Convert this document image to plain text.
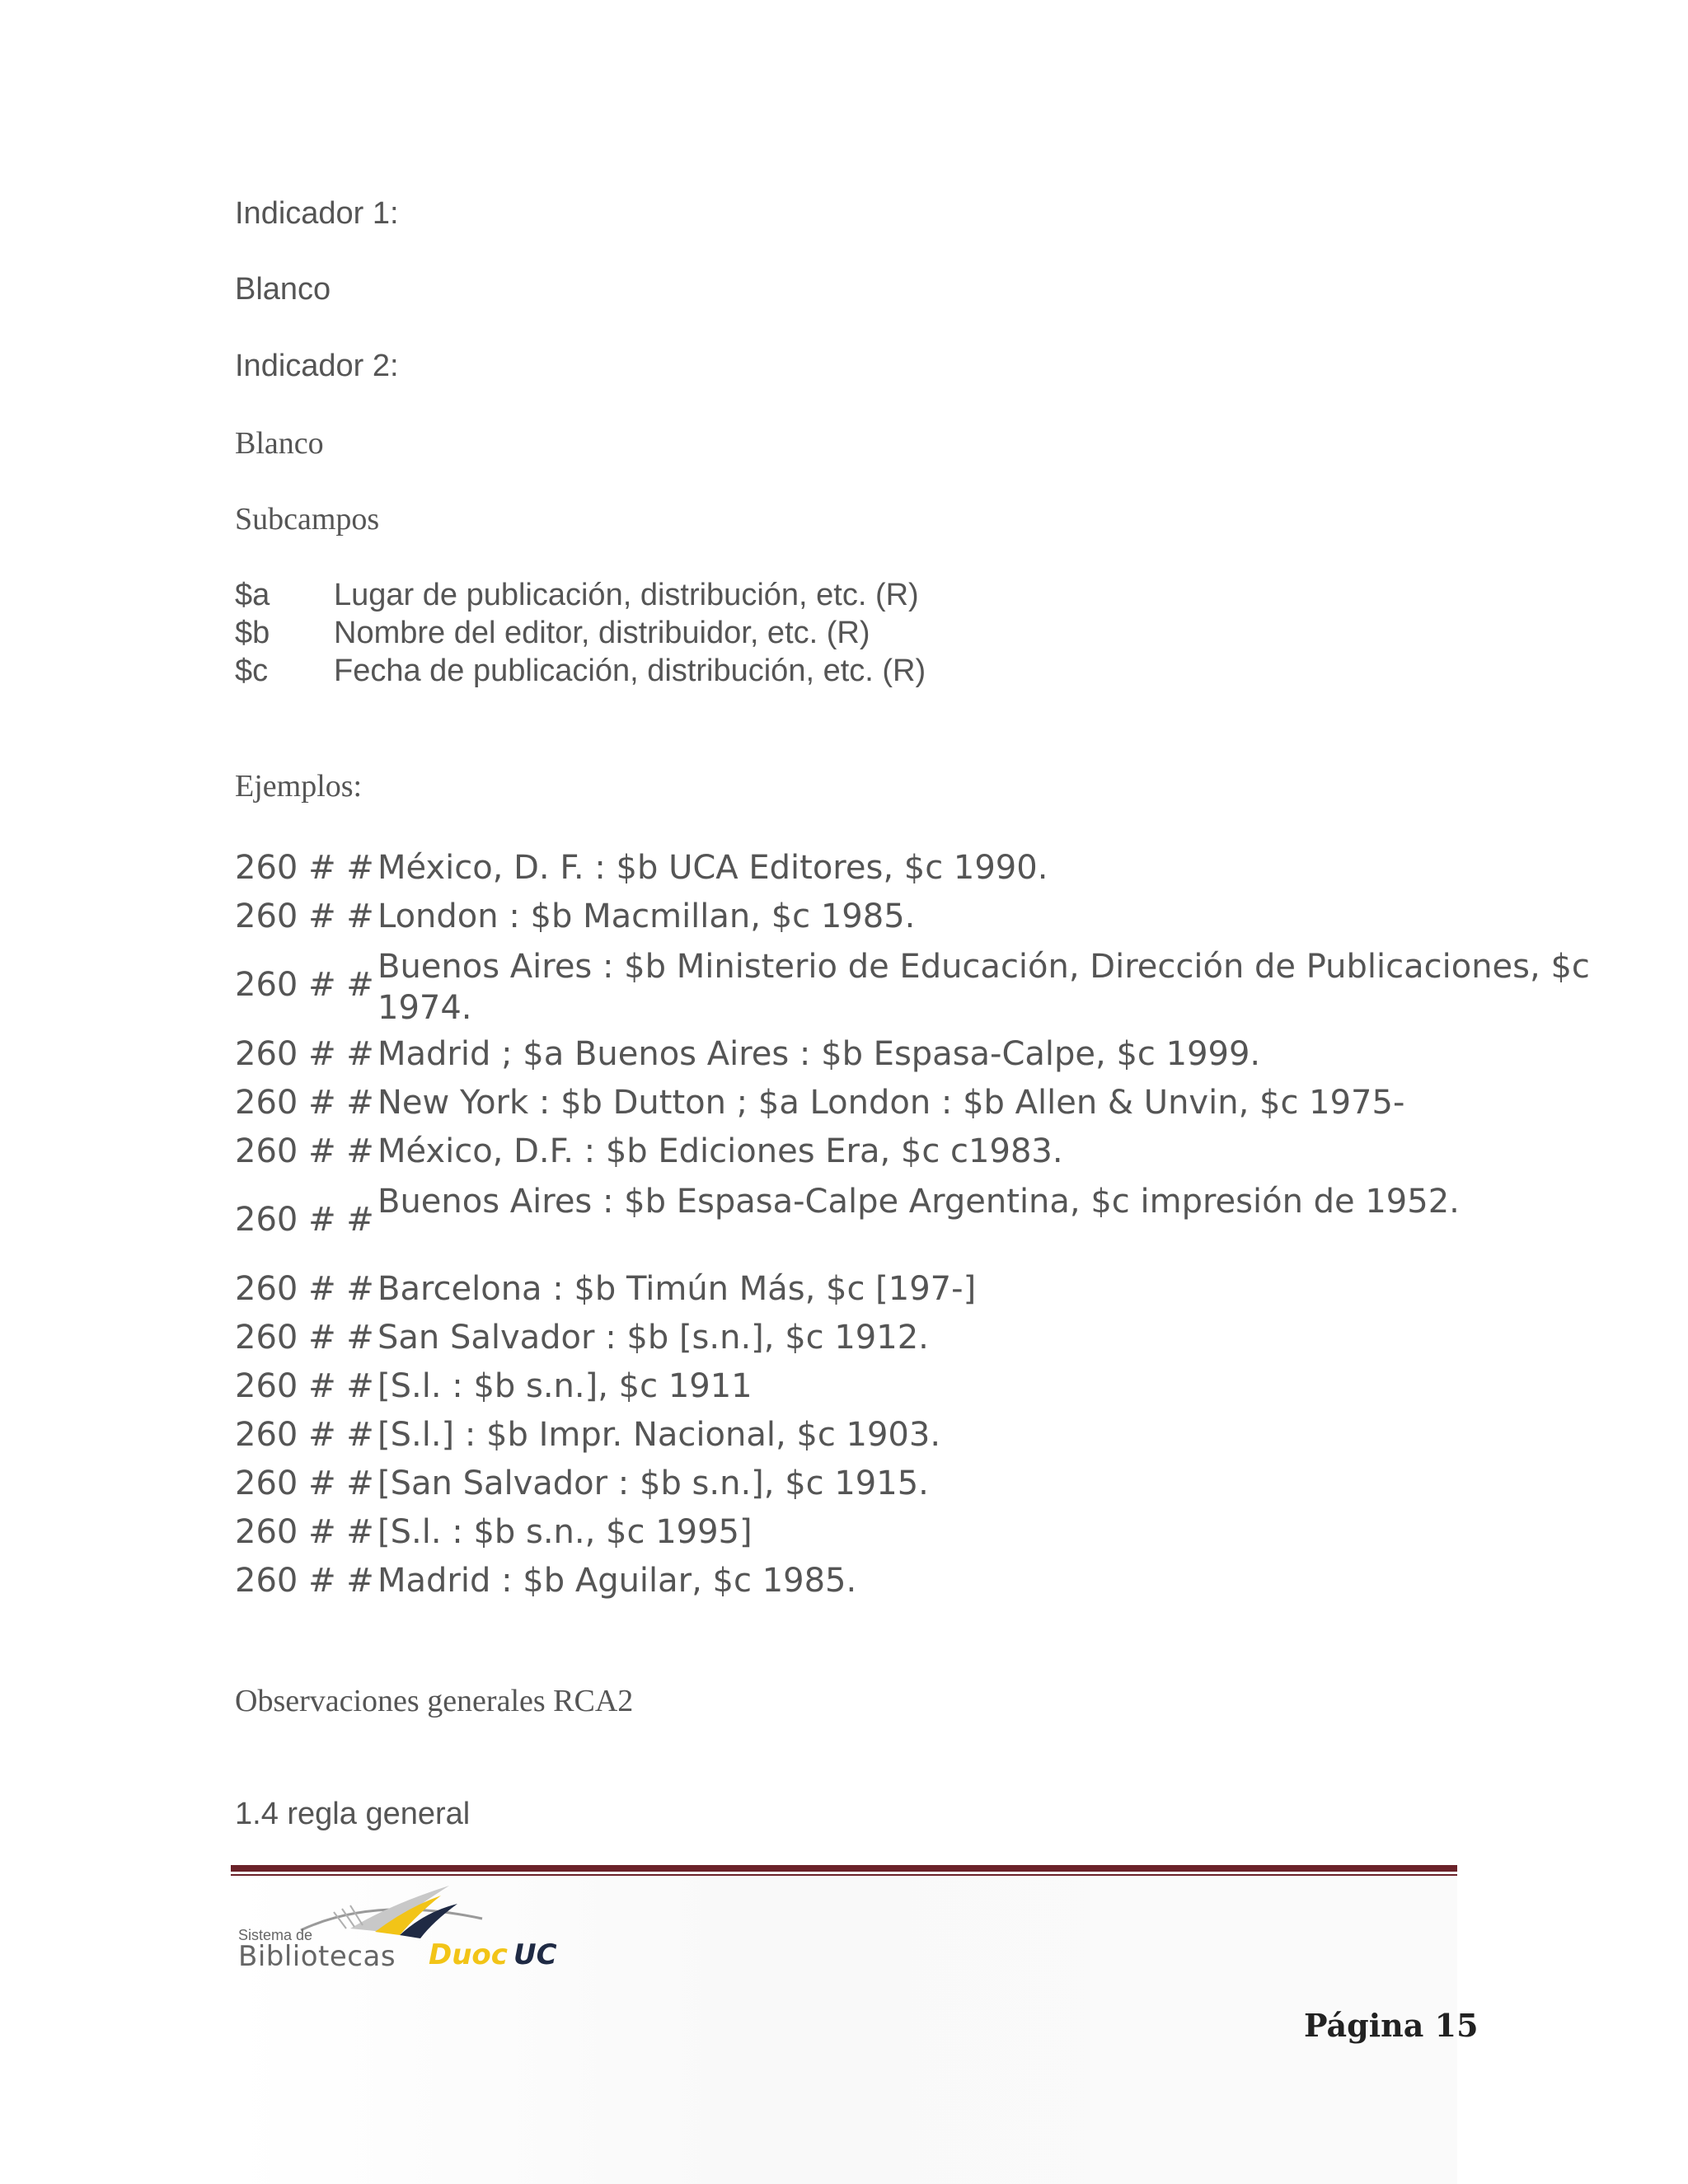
Indicador 1:
Blanco
Indicador 2:
Blanco
Subcampos
$a Lugar de publicación, distribución, etc. (R)
$b Nombre del editor, distribuidor, etc. (R)
$c Fecha de publicación, distribución, etc. (R)
Ejemplos:
260 # # México, D. F. : $b UCA Editores, $c 1990.
260 # # London : $b Macmillan, $c 1985.
260 # # Buenos Aires : $b Ministerio de Educación, Dirección de Publicaciones, $c 1974.
260 # # Madrid ; $a Buenos Aires : $b Espasa-Calpe, $c 1999.
260 # # New York : $b Dutton ; $a London : $b Allen & Unvin, $c 1975-
260 # # México, D.F. : $b Ediciones Era, $c c1983.
260 # # Buenos Aires : $b Espasa-Calpe Argentina, $c impresión de 1952.
260 # # Barcelona : $b Timún Más, $c [197-]
260 # # San Salvador : $b [s.n.], $c 1912.
260 # # [S.l. : $b s.n.], $c 1911
260 # # [S.l.] : $b Impr. Nacional, $c 1903.
260 # # [San Salvador : $b s.n.], $c 1915.
260 # # [S.l. : $b s.n., $c 1995]
260 # # Madrid : $b Aguilar, $c 1985.
Observaciones generales RCA2
1.4 regla general
Sistema de
Bibliotecas Duoc UC
Página 15
